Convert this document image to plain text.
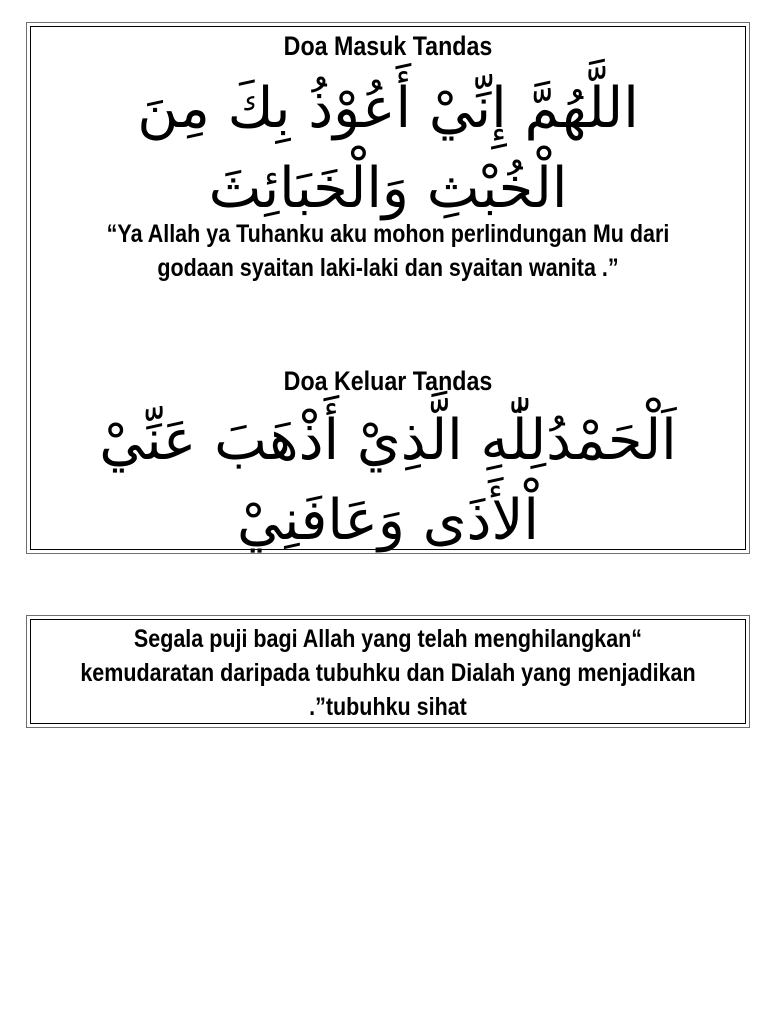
Doa Masuk Tandas
اللَّهُمَّ إِنِّيْ أَعُوْذُ بِكَ مِنَ
الْخُبْثِ وَالْخَبَائِثَ
“Ya Allah ya Tuhanku aku mohon perlindungan Mu dari
godaan syaitan laki-laki dan syaitan wanita .”
Doa Keluar Tandas
اَلْحَمْدُلِلّٰهِ الَّذِيْ أَذْهَبَ عَنِّيْ
اْلأَذَى وَعَافَنِيْ
Segala puji bagi Allah yang telah menghilangkan“
kemudaratan daripada tubuhku dan Dialah yang menjadikan
.”tubuhku sihat
